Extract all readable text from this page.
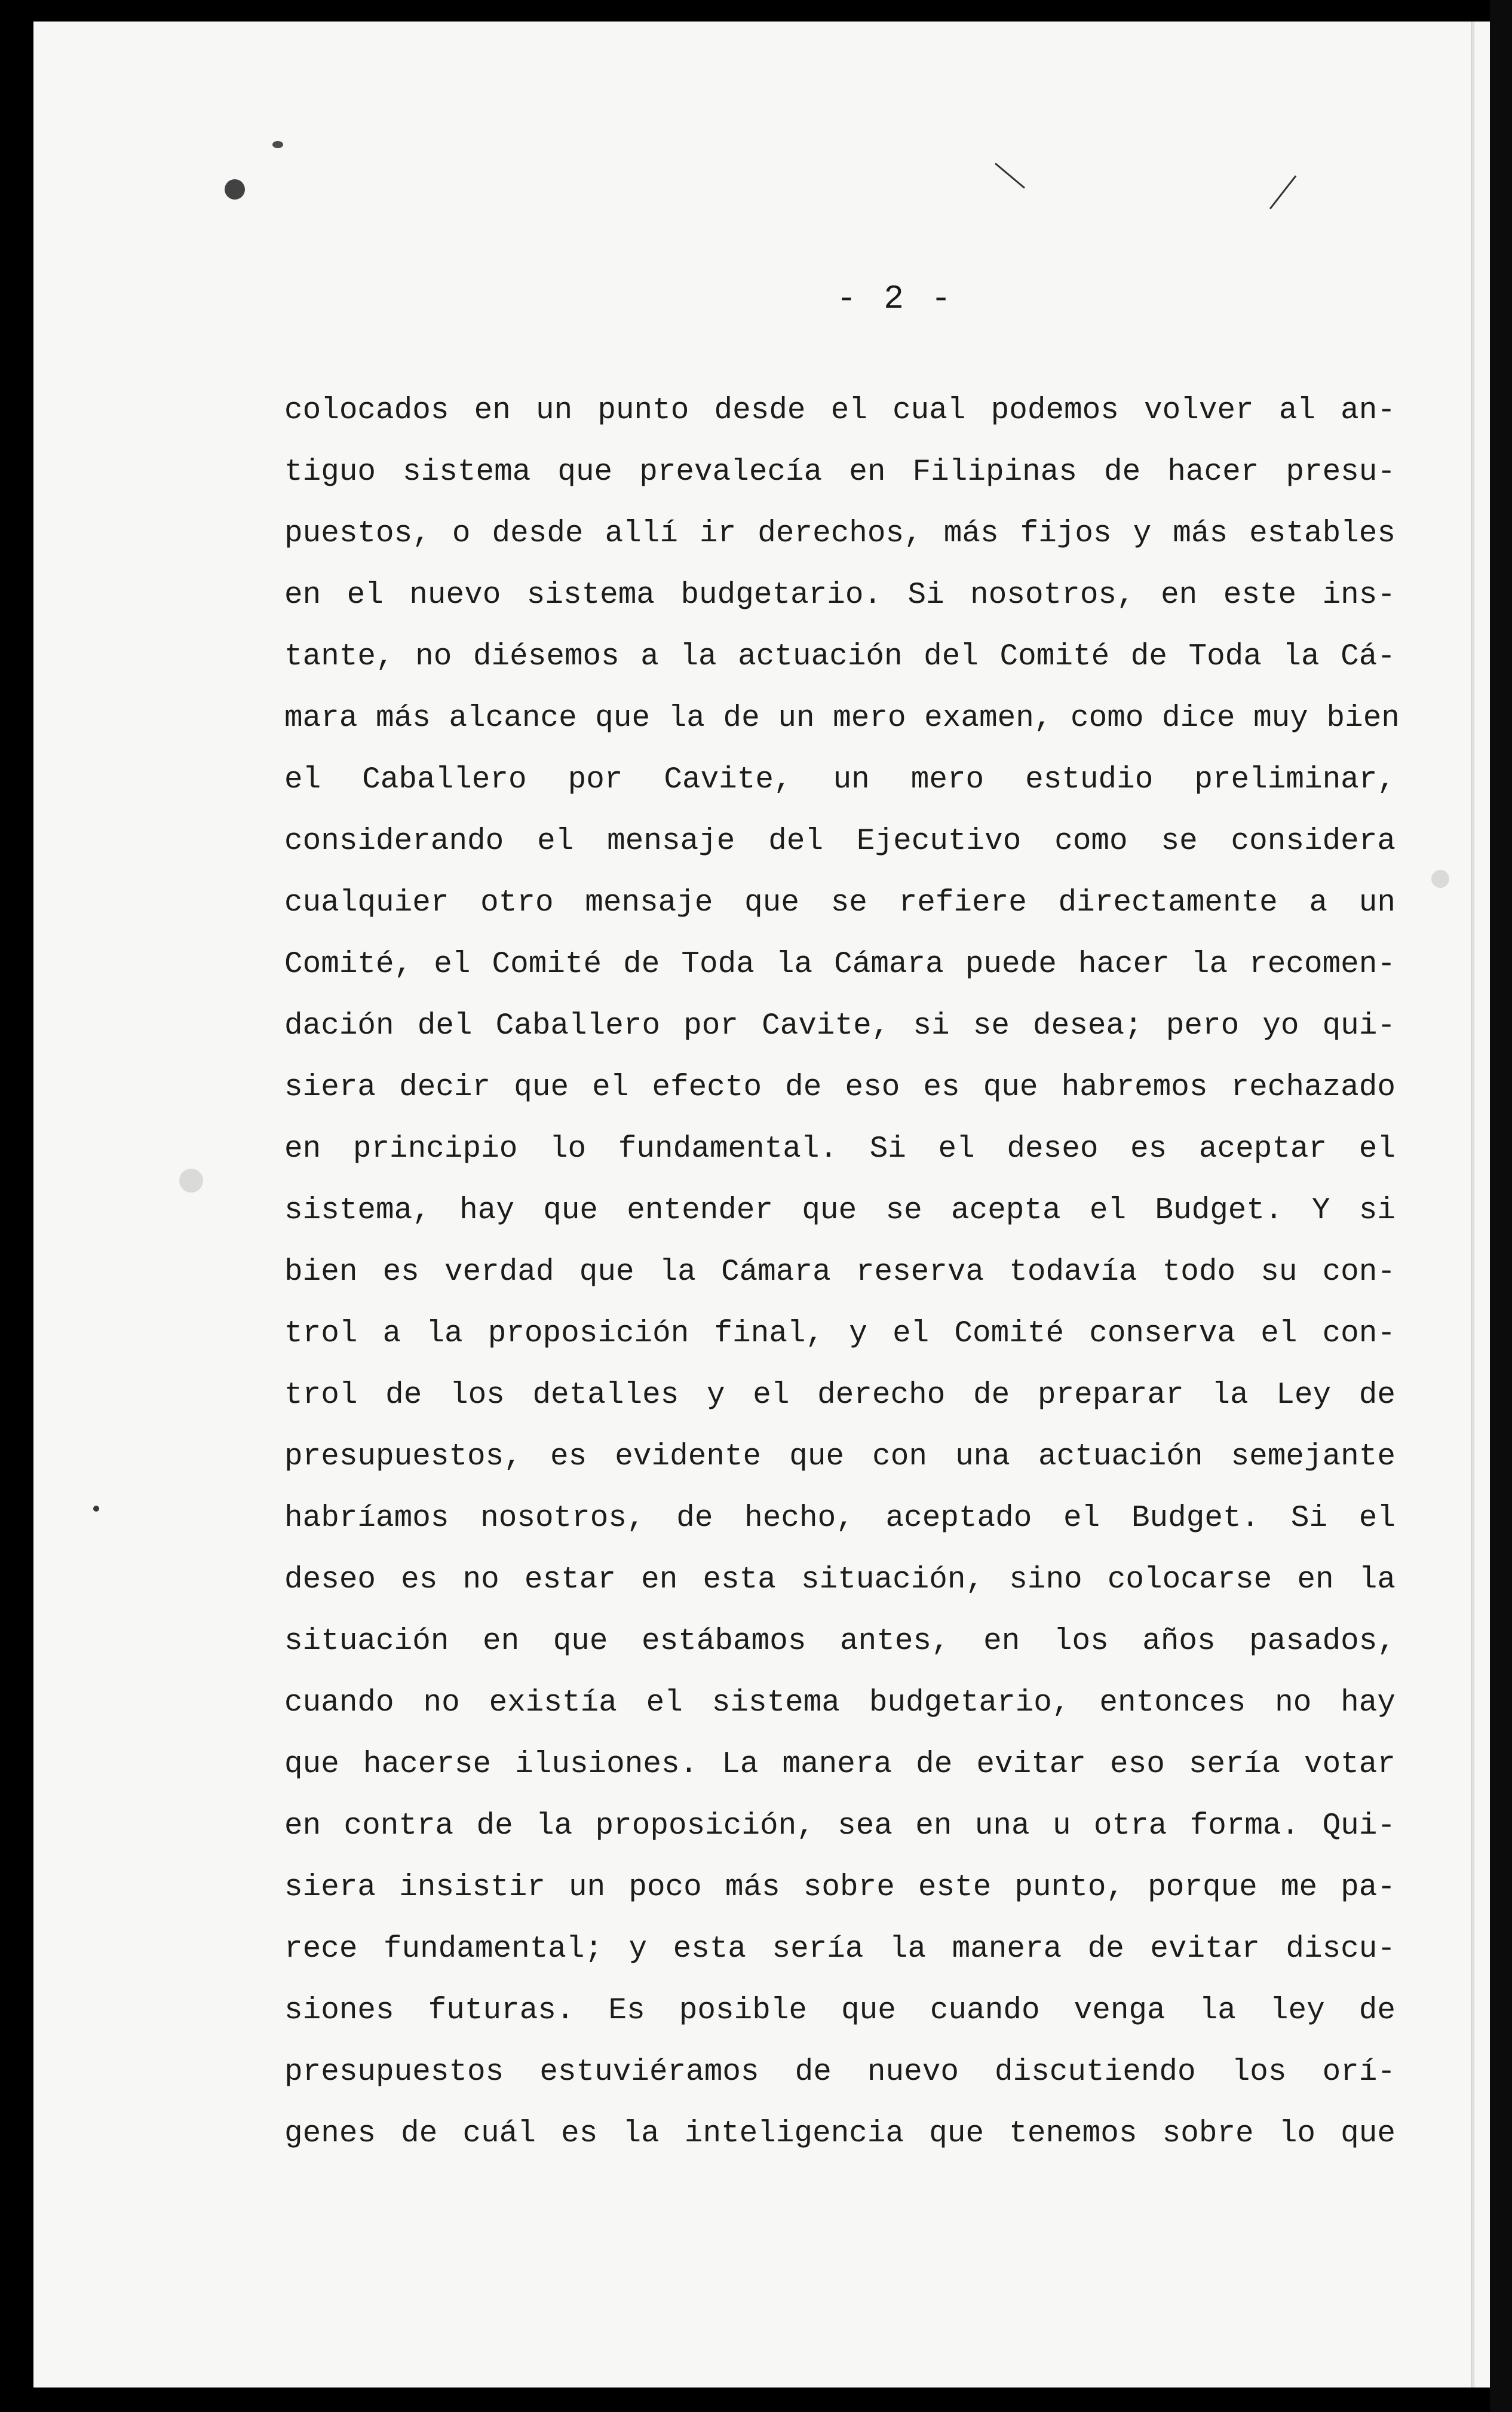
- 2 -
colocados en un punto desde el cual podemos volver al an-
tiguo sistema que prevalecía en Filipinas de hacer presu-
puestos, o desde allí ir derechos, más fijos y más estables
en el nuevo sistema budgetario. Si nosotros, en este ins-
tante, no diésemos a la actuación del Comité de Toda la Cá-
mara más alcance que la de un mero examen, como dice muy bien
el Caballero por Cavite, un mero estudio preliminar,
considerando el mensaje del Ejecutivo como se considera
cualquier otro mensaje que se refiere directamente a un
Comité, el Comité de Toda la Cámara puede hacer la recomen-
dación del Caballero por Cavite, si se desea; pero yo qui-
siera decir que el efecto de eso es que habremos rechazado
en principio lo fundamental. Si el deseo es aceptar el
sistema, hay que entender que se acepta el Budget. Y si
bien es verdad que la Cámara reserva todavía todo su con-
trol a la proposición final, y el Comité conserva el con-
trol de los detalles y el derecho de preparar la Ley de
presupuestos, es evidente que con una actuación semejante
habríamos nosotros, de hecho, aceptado el Budget. Si el
deseo es no estar en esta situación, sino colocarse en la
situación en que estábamos antes, en los años pasados,
cuando no existía el sistema budgetario, entonces no hay
que hacerse ilusiones. La manera de evitar eso sería votar
en contra de la proposición, sea en una u otra forma. Qui-
siera insistir un poco más sobre este punto, porque me pa-
rece fundamental; y esta sería la manera de evitar discu-
siones futuras. Es posible que cuando venga la ley de
presupuestos estuviéramos de nuevo discutiendo los orí-
genes de cuál es la inteligencia que tenemos sobre lo que
